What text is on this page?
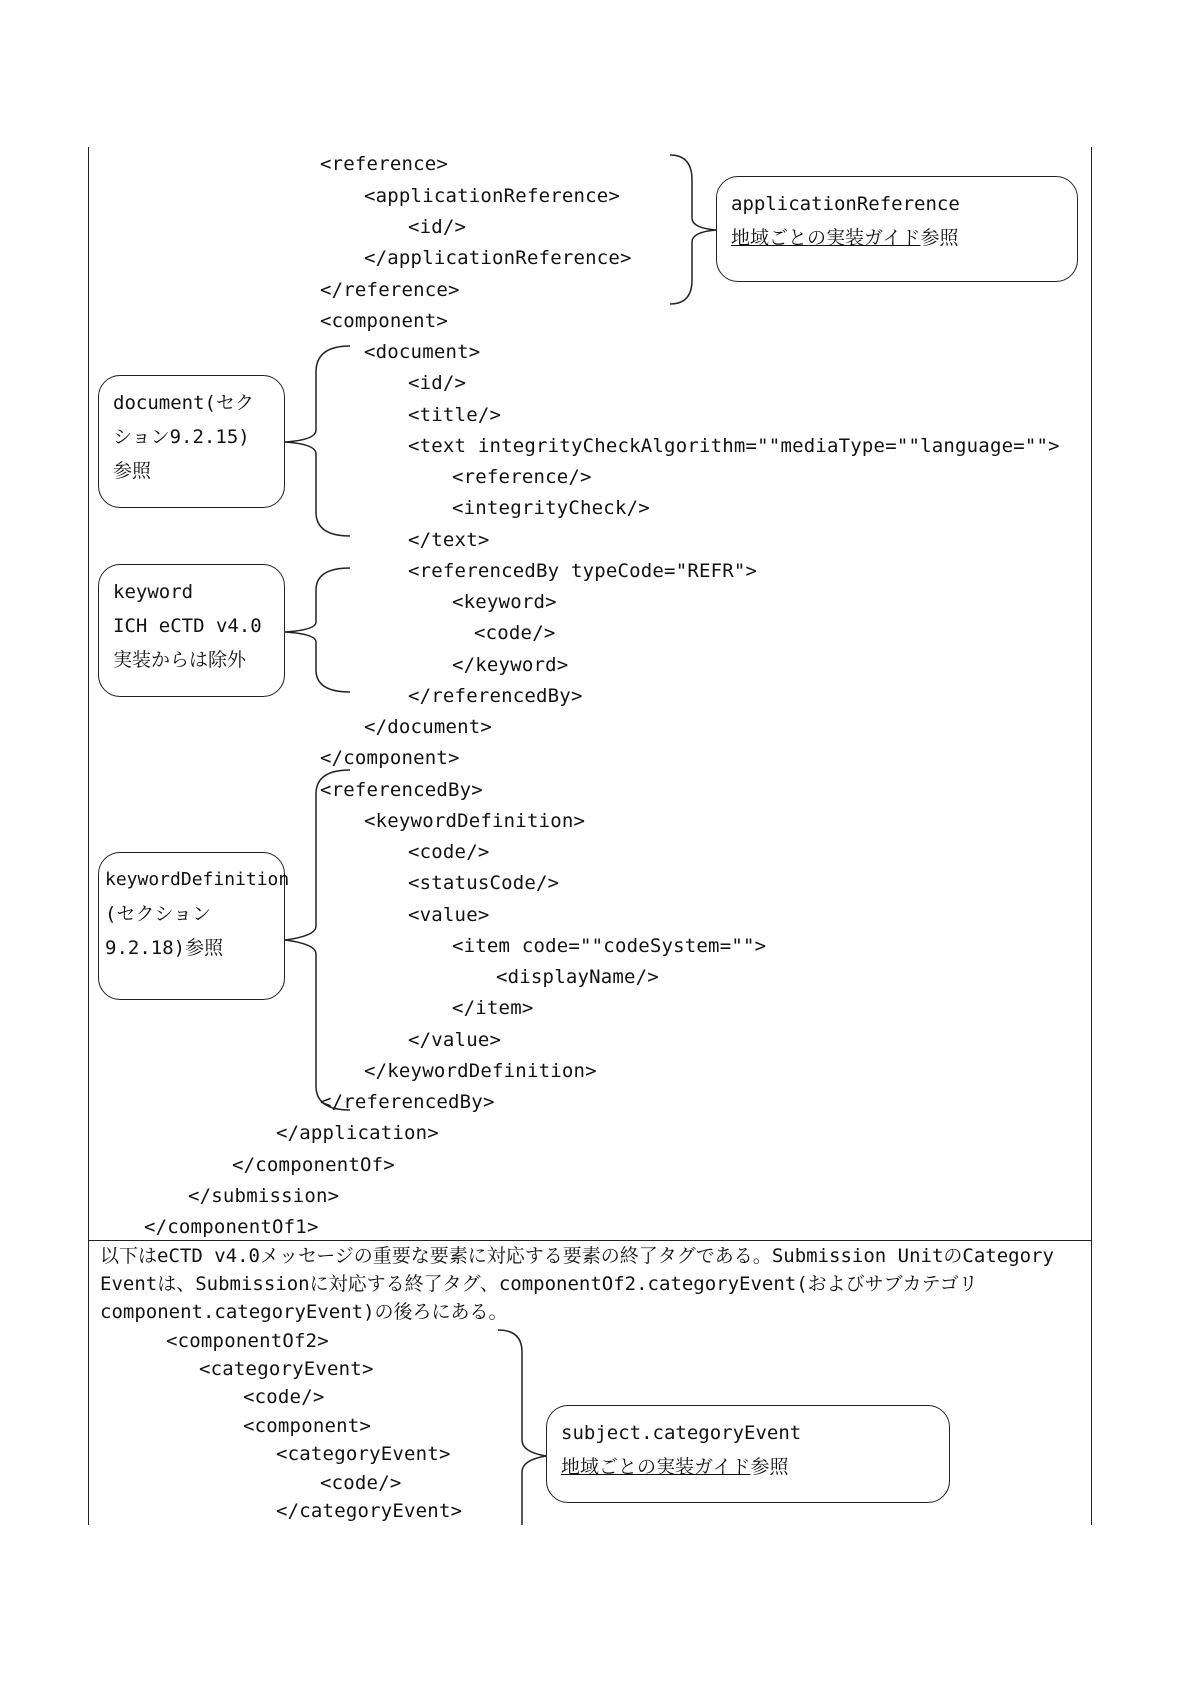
<reference>
<applicationReference>
<id/>
</applicationReference>
</reference>
<component>
<document>
<id/>
<title/>
<text integrityCheckAlgorithm=""mediaType=""language="">
<reference/>
<integrityCheck/>
</text>
<referencedBy typeCode="REFR">
<keyword>
<code/>
</keyword>
</referencedBy>
</document>
</component>
<referencedBy>
<keywordDefinition>
<code/>
<statusCode/>
<value>
<item code=""codeSystem="">
<displayName/>
</item>
</value>
</keywordDefinition>
</referencedBy>
</application>
</componentOf>
</submission>
</componentOf1>
applicationReference
地域ごとの実装ガイド参照
document(セク
ション9.2.15)
参照
keyword
ICH eCTD v4.0
実装からは除外
keywordDefinition
(セクション
9.2.18)参照
以下はeCTD v4.0メッセージの重要な要素に対応する要素の終了タグである。Submission UnitのCategory Eventは、Submissionに対応する終了タグ、componentOf2.categoryEvent(およびサブカテゴリcomponent.categoryEvent)の後ろにある。
<componentOf2>
<categoryEvent>
<code/>
<component>
<categoryEvent>
<code/>
</categoryEvent>
subject.categoryEvent
地域ごとの実装ガイド参照
